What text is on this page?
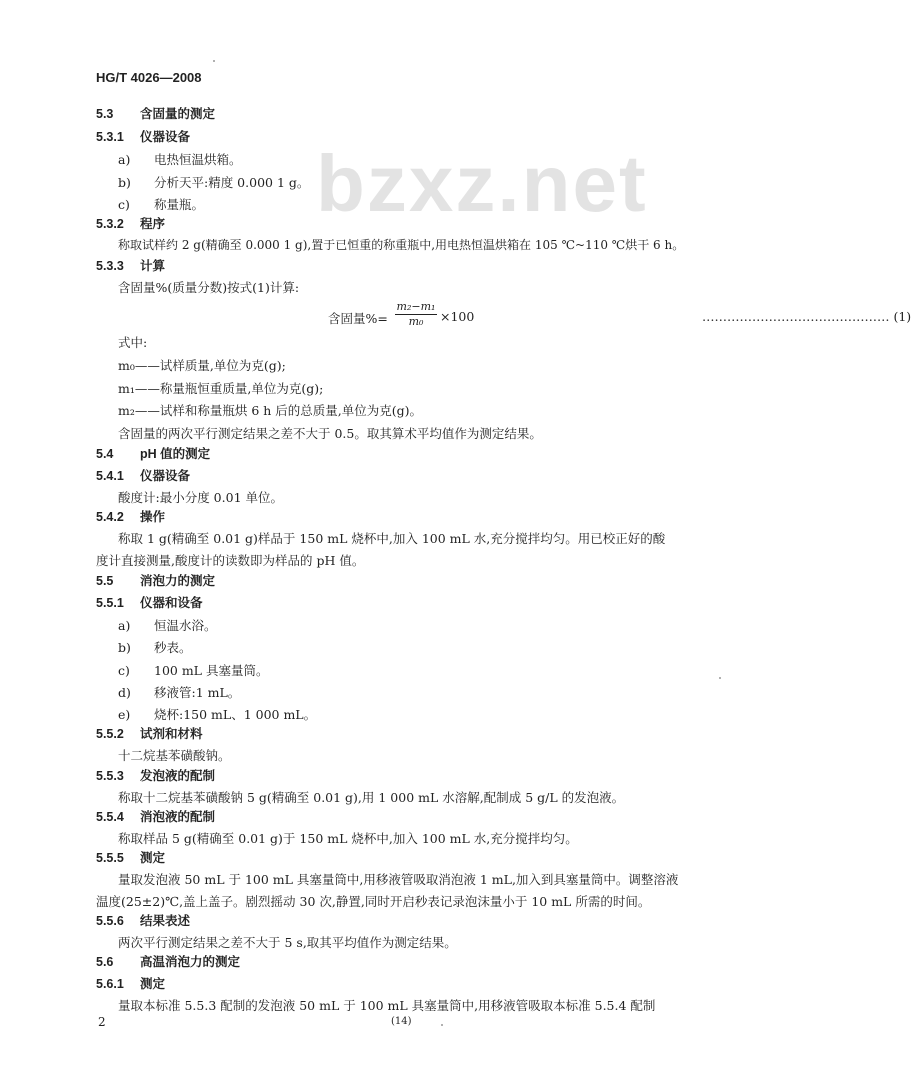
HG/T 4026—2008
bzxz.net
5.3 含固量的测定
5.3.1 仪器设备
a) 电热恒温烘箱。
b) 分析天平:精度 0.000 1 g。
c) 称量瓶。
5.3.2 程序
称取试样约 2 g(精确至 0.000 1 g),置于已恒重的称重瓶中,用电热恒温烘箱在 105 ℃~110 ℃烘干 6 h。
5.3.3 计算
含固量%(质量分数)按式(1)计算:
含固量%= $\frac{\text{m₂−m₁}}{\text{m₀}} \times 100$	……………………………………… (1)
式中:
m₀——试样质量,单位为克(g);
m₁——称量瓶恒重质量,单位为克(g);
m₂——试样和称量瓶烘 6 h 后的总质量,单位为克(g)。
含固量的两次平行测定结果之差不大于 0.5。取其算术平均值作为测定结果。
5.4 pH 值的测定
5.4.1 仪器设备
酸度计:最小分度 0.01 单位。
5.4.2 操作
称取 1 g(精确至 0.01 g)样品于 150 mL 烧杯中,加入 100 mL 水,充分搅拌均匀。用已校正好的酸
度计直接测量,酸度计的读数即为样品的 pH 值。
5.5 消泡力的测定
5.5.1 仪器和设备
a) 恒温水浴。
b) 秒表。
c) 100 mL 具塞量筒。
d) 移液管:1 mL。
e) 烧杯:150 mL、1 000 mL。
5.5.2 试剂和材料
十二烷基苯磺酸钠。
5.5.3 发泡液的配制
称取十二烷基苯磺酸钠 5 g(精确至 0.01 g),用 1 000 mL 水溶解,配制成 5 g/L 的发泡液。
5.5.4 消泡液的配制
称取样品 5 g(精确至 0.01 g)于 150 mL 烧杯中,加入 100 mL 水,充分搅拌均匀。
5.5.5 测定
量取发泡液 50 mL 于 100 mL 具塞量筒中,用移液管吸取消泡液 1 mL,加入到具塞量筒中。调整溶液
温度(25±2)℃,盖上盖子。剧烈摇动 30 次,静置,同时开启秒表记录泡沫量小于 10 mL 所需的时间。
5.5.6 结果表述
两次平行测定结果之差不大于 5 s,取其平均值作为测定结果。
5.6 高温消泡力的测定
5.6.1 测定
量取本标准 5.5.3 配制的发泡液 50 mL 于 100 mL 具塞量筒中,用移液管吸取本标准 5.5.4 配制
2	(14)
